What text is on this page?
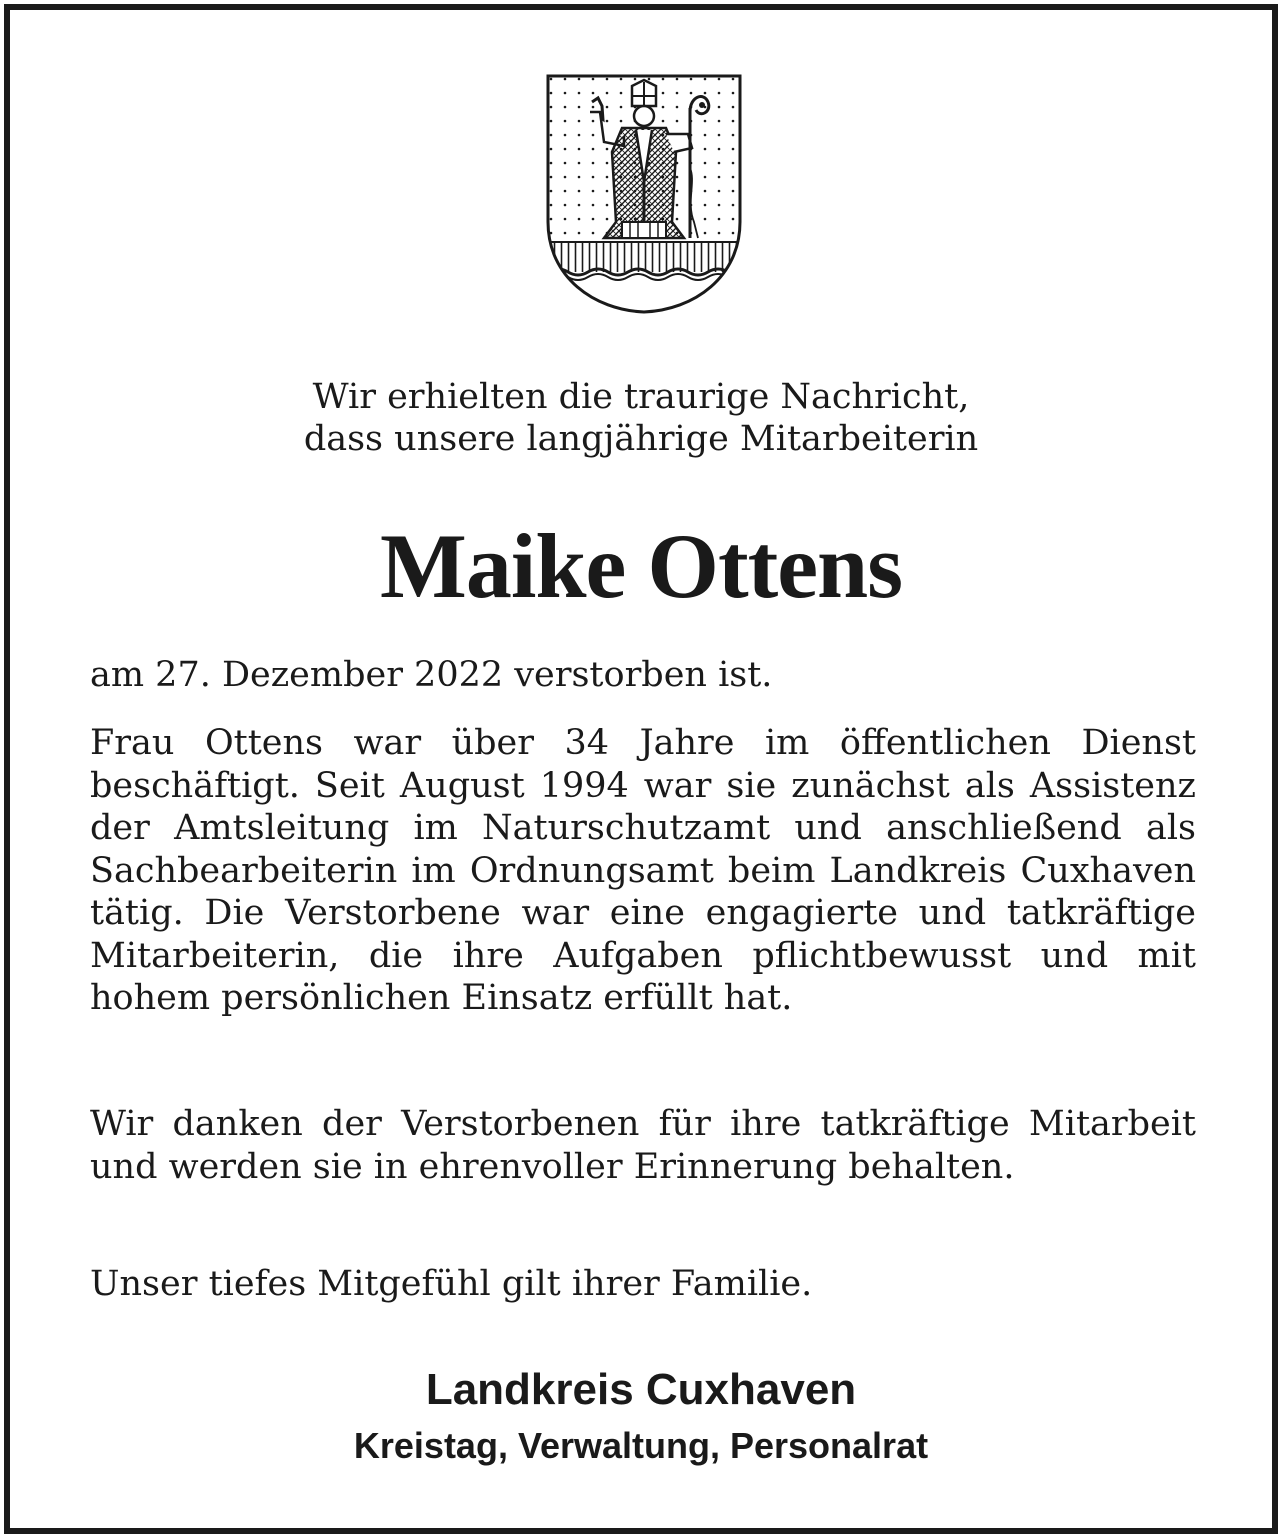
Wir erhielten die traurige Nachricht,
dass unsere langjährige Mitarbeiterin
Maike Ottens
am 27. Dezember 2022 verstorben ist.
Frau Ottens war über 34 Jahre im öffentlichen Dienst beschäftigt. Seit August 1994 war sie zunächst als Assistenz der Amtsleitung im Naturschutzamt und anschließend als Sachbearbeiterin im Ordnungsamt beim Landkreis Cuxhaven tätig. Die Verstorbene war eine engagierte und tatkräftige Mitarbeiterin, die ihre Aufgaben pflichtbewusst und mit hohem persönlichen Einsatz erfüllt hat.
Wir danken der Verstorbenen für ihre tatkräftige Mitarbeit und werden sie in ehrenvoller Erinnerung behalten.
Unser tiefes Mitgefühl gilt ihrer Familie.
Landkreis Cuxhaven
Kreistag, Verwaltung, Personalrat
